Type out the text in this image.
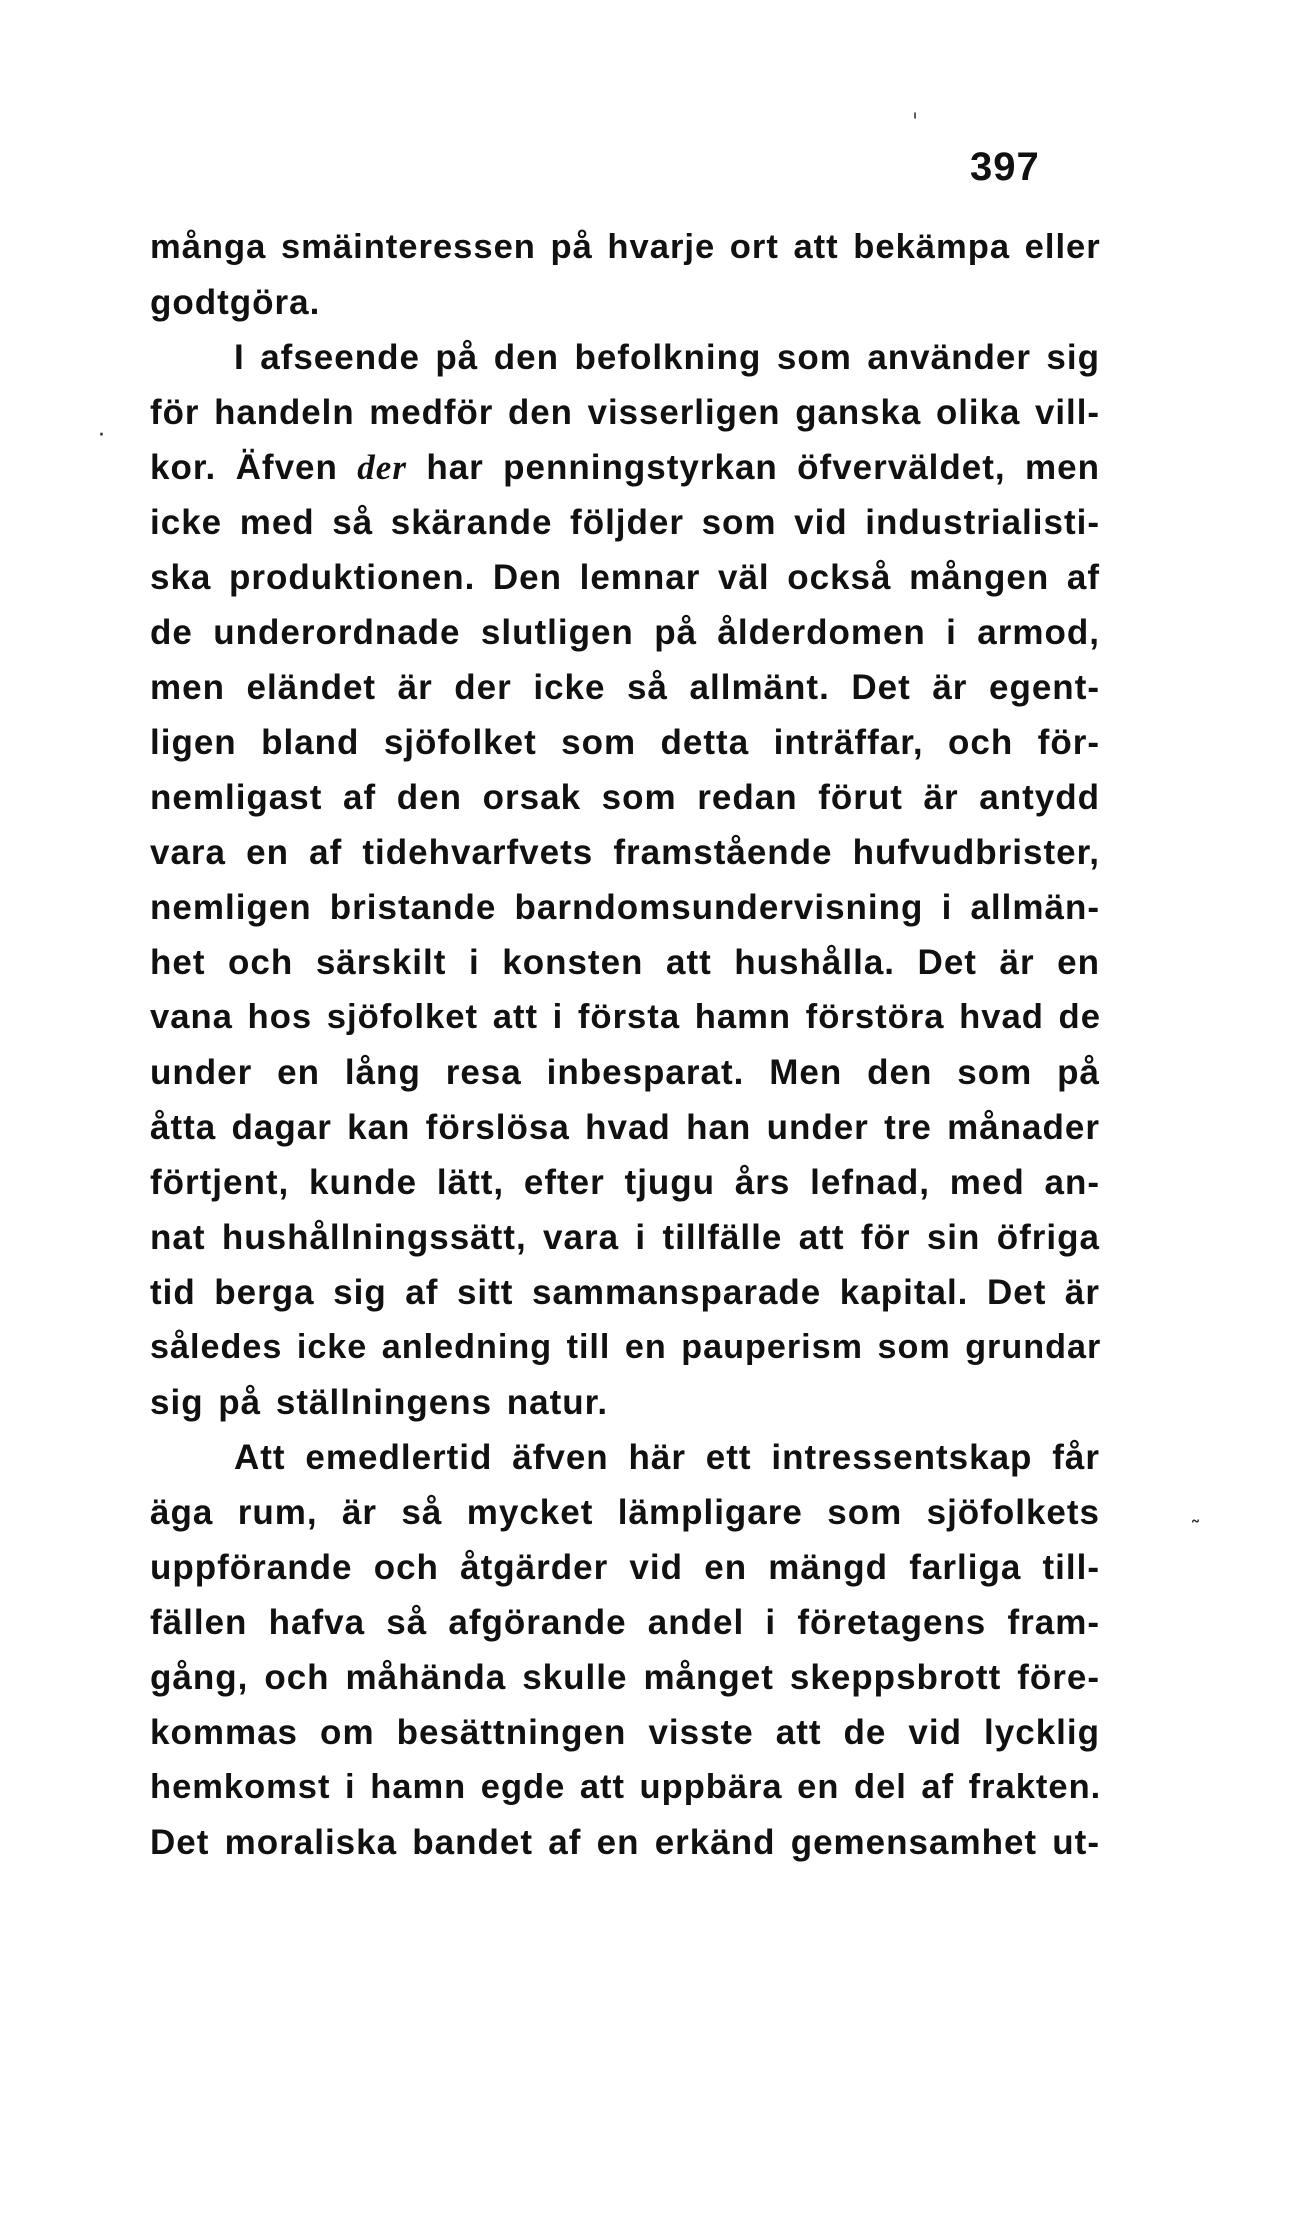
397
många smäinteressen på hvarje ort att bekämpa eller
godtgöra.
I afseende på den befolkning som använder sig
för handeln medför den visserligen ganska olika vill-
kor. Äfven der har penningstyrkan öfverväldet, men
icke med så skärande följder som vid industrialisti-
ska produktionen. Den lemnar väl också mången af
de underordnade slutligen på ålderdomen i armod,
men eländet är der icke så allmänt. Det är egent-
ligen bland sjöfolket som detta inträffar, och för-
nemligast af den orsak som redan förut är antydd
vara en af tidehvarfvets framstående hufvudbrister,
nemligen bristande barndomsundervisning i allmän-
het och särskilt i konsten att hushålla. Det är en
vana hos sjöfolket att i första hamn förstöra hvad de
under en lång resa inbesparat. Men den som på
åtta dagar kan förslösa hvad han under tre månader
förtjent, kunde lätt, efter tjugu års lefnad, med an-
nat hushållningssätt, vara i tillfälle att för sin öfriga
tid berga sig af sitt sammansparade kapital. Det är
således icke anledning till en pauperism som grundar
sig på ställningens natur.
Att emedlertid äfven här ett intressentskap får
äga rum, är så mycket lämpligare som sjöfolkets
uppförande och åtgärder vid en mängd farliga till-
fällen hafva så afgörande andel i företagens fram-
gång, och måhända skulle månget skeppsbrott före-
kommas om besättningen visste att de vid lycklig
hemkomst i hamn egde att uppbära en del af frakten.
Det moraliska bandet af en erkänd gemensamhet ut-
ˌ
·
˜
